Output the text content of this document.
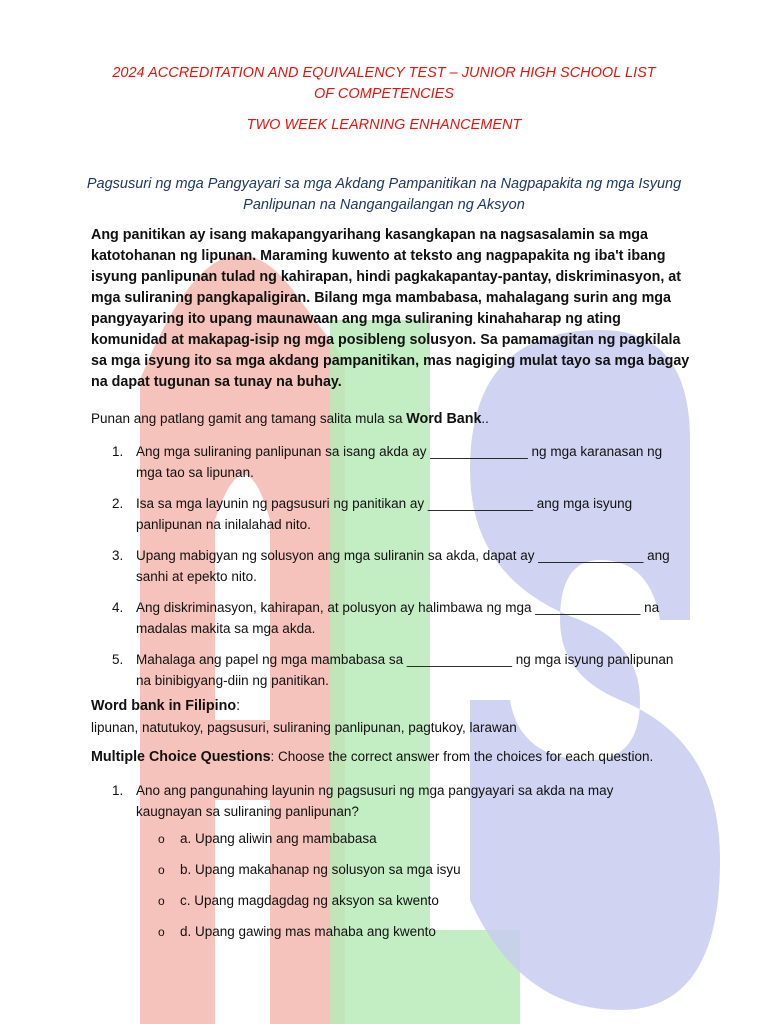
2024 ACCREDITATION AND EQUIVALENCY TEST – JUNIOR HIGH SCHOOL LIST OF COMPETENCIES

TWO WEEK LEARNING ENHANCEMENT

Pagsusuri ng mga Pangyayari sa mga Akdang Pampanitikan na Nagpapakita ng mga Isyung Panlipunan na Nangangailangan ng Aksyon

Ang panitikan ay isang makapangyarihang kasangkapan na nagsasalamin sa mga katotohanan ng lipunan. Maraming kuwento at teksto ang nagpapakita ng iba't ibang isyung panlipunan tulad ng kahirapan, hindi pagkakapantay-pantay, diskriminasyon, at mga suliraning pangkapaligiran. Bilang mga mambabasa, mahalagang surin ang mga pangyayaring ito upang maunawaan ang mga suliraning kinahaharap ng ating komunidad at makapag-isip ng mga posibleng solusyon. Sa pamamagitan ng pagkilala sa mga isyung ito sa mga akdang pampanitikan, mas nagiging mulat tayo sa mga bagay na dapat tugunan sa tunay na buhay.

Punan ang patlang gamit ang tamang salita mula sa Word Bank..

1. Ang mga suliraning panlipunan sa isang akda ay _____________ ng mga karanasan ng mga tao sa lipunan.
2. Isa sa mga layunin ng pagsusuri ng panitikan ay ______________ ang mga isyung panlipunan na inilalahad nito.
3. Upang mabigyan ng solusyon ang mga suliranin sa akda, dapat ay ______________ ang sanhi at epekto nito.
4. Ang diskriminasyon, kahirapan, at polusyon ay halimbawa ng mga ______________ na madalas makita sa mga akda.
5. Mahalaga ang papel ng mga mambabasa sa ______________ ng mga isyung panlipunan na binibigyang-diin ng panitikan.

Word bank in Filipino:

lipunan, natutukoy, pagsusuri, suliraning panlipunan, pagtukoy, larawan

Multiple Choice Questions: Choose the correct answer from the choices for each question.

1. Ano ang pangunahing layunin ng pagsusuri ng mga pangyayari sa akda na may kaugnayan sa suliraning panlipunan?
o a. Upang aliwin ang mambabasa
o b. Upang makahanap ng solusyon sa mga isyu
o c. Upang magdagdag ng aksyon sa kwento
o d. Upang gawing mas mahaba ang kwento
